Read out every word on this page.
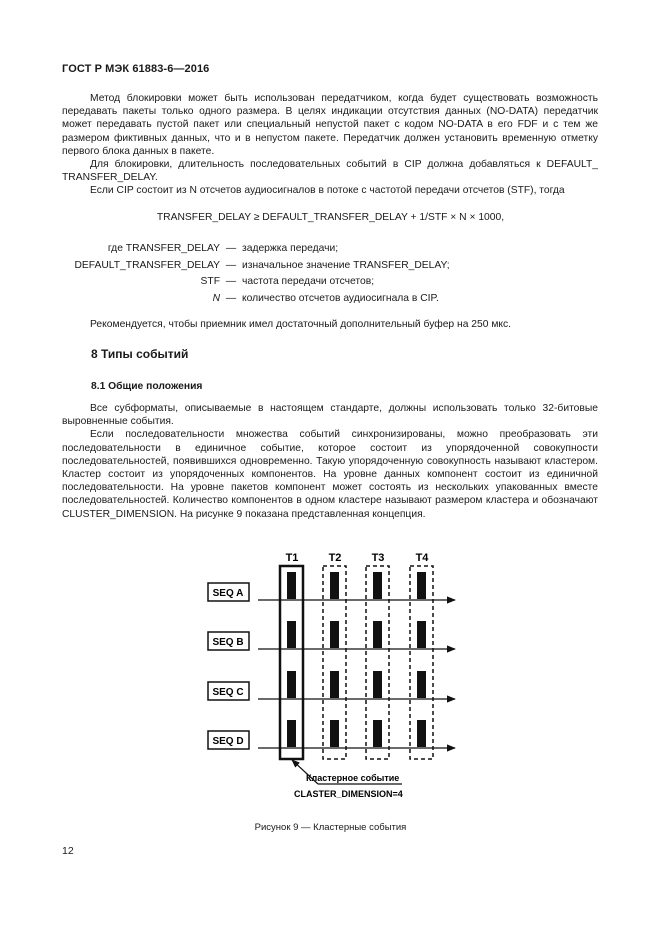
ГОСТ Р МЭК 61883-6—2016

Метод блокировки может быть использован передатчиком, когда будет существовать возможность передавать пакеты только одного размера. В целях индикации отсутствия данных (NO-DATA) передатчик может передавать пустой пакет или специальный непустой пакет с кодом NO-DATA в его FDF и с тем же размером фиктивных данных, что и в непустом пакете. Передатчик должен установить временную отметку первого блока данных в пакете.

Для блокировки, длительность последовательных событий в CIP должна добавляться к DEFAULT_ TRANSFER_DELAY.

Если CIP состоит из N отсчетов аудиосигналов в потоке с частотой передачи отсчетов (STF), тогда

TRANSFER_DELAY ≥ DEFAULT_TRANSFER_DELAY + 1/STF × N × 1000,
где TRANSFER_DELAY — задержка передачи;
DEFAULT_TRANSFER_DELAY — изначальное значение TRANSFER_DELAY;
STF — частота передачи отсчетов;
N — количество отсчетов аудиосигнала в CIP.

Рекомендуется, чтобы приемник имел достаточный дополнительный буфер на 250 мкс.

8 Типы событий
8.1 Общие положения

Все субформаты, описываемые в настоящем стандарте, должны использовать только 32-битовые выровненные события.

Если последовательности множества событий синхронизированы, можно преобразовать эти последовательности в единичное событие, которое состоит из упорядоченной совокупности последовательностей, появившихся одновременно. Такую упорядоченную совокупность называют кластером. Кластер состоит из упорядоченных компонентов. На уровне данных компонент состоит из единичной последовательности. На уровне пакетов компонент может состоять из нескольких упакованных вместе последовательностей. Количество компонентов в одном кластере называют размером кластера и обозначают CLUSTER_DIMENSION. На рисунке 9 показана представленная концепция.

T1	T2	T3	T4
SEQ A
SEQ B
SEQ C
SEQ D
Кластерное событие
CLASTER_DIMENSION=4
Рисунок 9 — Кластерные события
12
